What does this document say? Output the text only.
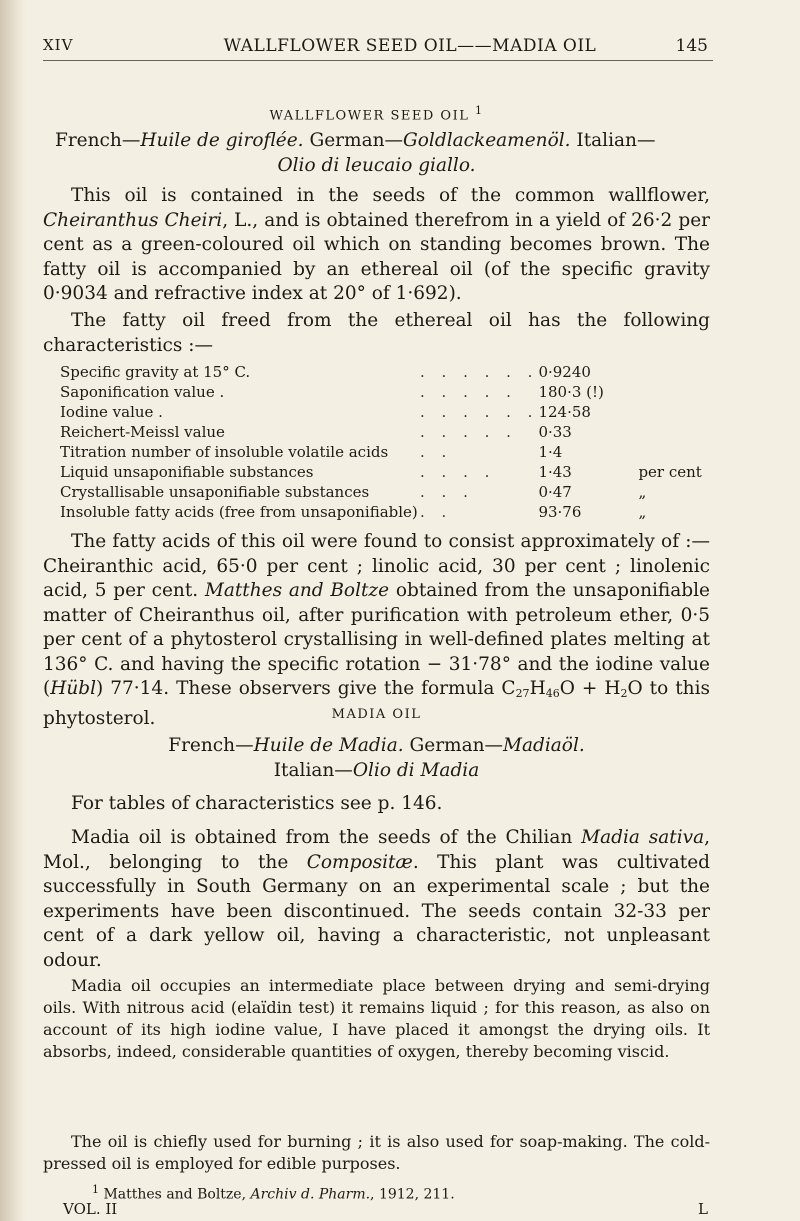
XIV	WALLFLOWER SEED OIL——MADIA OIL	145
WALLFLOWER SEED OIL $^1$
French—Huile de giroflée. German—Goldlackeamenöl. Italian—
Olio di leucaio giallo.

This oil is contained in the seeds of the common wallflower, Cheiranthus Cheiri, L., and is obtained therefrom in a yield of 26·2 per cent as a green-coloured oil which on standing becomes brown. The fatty oil is accompanied by an ethereal oil (of the specific gravity 0·9034 and refractive index at 20° of 1·692).

The fatty oil freed from the ethereal oil has the following characteristics :—

Specific gravity at 15° C.	. . . . . .	0·9240	
Saponification value .	. . . . .	180·3 (!)	
Iodine value .	. . . . . .	124·58	
Reichert-Meissl value	. . . . .	0·33	
Titration number of insoluble volatile acids	. .	1·4	
Liquid unsaponifiable substances	. . . .	1·43	per cent
Crystallisable unsaponifiable substances	. . .	0·47	„
Insoluble fatty acids (free from unsaponifiable)	. .	93·76	„

The fatty acids of this oil were found to consist approximately of :— Cheiranthic acid, 65·0 per cent ; linolic acid, 30 per cent ; linolenic acid, 5 per cent. Matthes and Boltze obtained from the unsaponifiable matter of Cheiranthus oil, after purification with petroleum ether, 0·5 per cent of a phytosterol crystallising in well-defined plates melting at 136° C. and having the specific rotation − 31·78° and the iodine value (Hübl) 77·14. These observers give the formula $C_{27}H_{46}O + H_2O$ to this phytosterol.	MADIA OIL
French—Huile de Madia. German—Madiaöl.
Italian—Olio di Madia

For tables of characteristics see p. 146.

Madia oil is obtained from the seeds of the Chilian Madia sativa, Mol., belonging to the Compositæ. This plant was cultivated successfully in South Germany on an experimental scale ; but the experiments have been discontinued. The seeds contain 32-33 per cent of a dark yellow oil, having a characteristic, not unpleasant odour.

Madia oil occupies an intermediate place between drying and semi-drying oils. With nitrous acid (elaïdin test) it remains liquid ; for this reason, as also on account of its high iodine value, I have placed it amongst the drying oils. It absorbs, indeed, considerable quantities of oxygen, thereby becoming viscid.

The oil is chiefly used for burning ; it is also used for soap-making. The cold-pressed oil is employed for edible purposes.

$^1$ Matthes and Boltze, Archiv d. Pharm., 1912, 211.
VOL. II	L
